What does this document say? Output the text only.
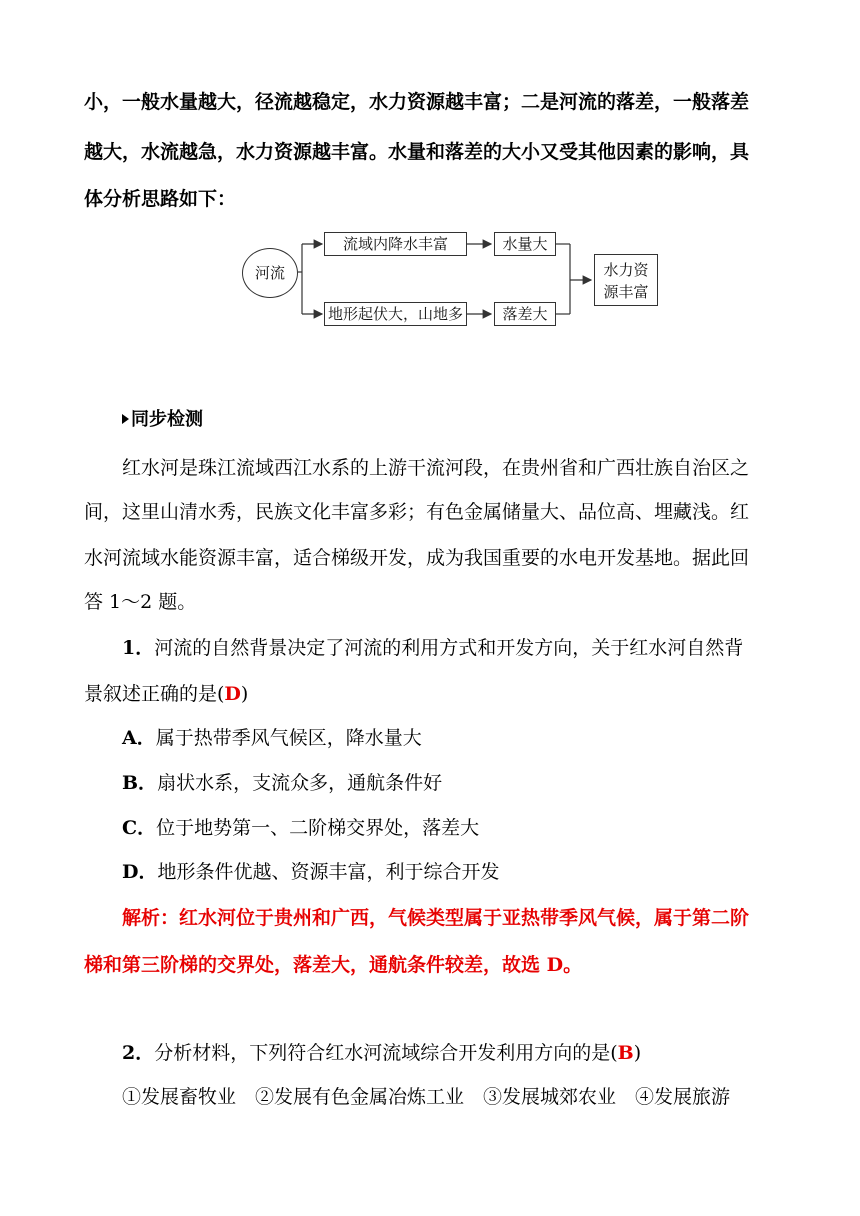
小，一般水量越大，径流越稳定，水力资源越丰富；二是河流的落差，一般落差
越大，水流越急，水力资源越丰富。水量和落差的大小又受其他因素的影响，具
体分析思路如下：
河流
流域内降水丰富	水量大
地形起伏大，山地多	落差大
水力资
源丰富
同步检测
红水河是珠江流域西江水系的上游干流河段，在贵州省和广西壮族自治区之
间，这里山清水秀，民族文化丰富多彩；有色金属储量大、品位高、埋藏浅。红
水河流域水能资源丰富，适合梯级开发，成为我国重要的水电开发基地。据此回
答 1～2 题。
1．河流的自然背景决定了河流的利用方式和开发方向，关于红水河自然背
景叙述正确的是(D)
A．属于热带季风气候区，降水量大
B．扇状水系，支流众多，通航条件好
C．位于地势第一、二阶梯交界处，落差大
D．地形条件优越、资源丰富，利于综合开发
解析：红水河位于贵州和广西，气候类型属于亚热带季风气候，属于第二阶
梯和第三阶梯的交界处，落差大，通航条件较差，故选 D。
2．分析材料，下列符合红水河流域综合开发利用方向的是(B)
①发展畜牧业　②发展有色金属冶炼工业　③发展城郊农业　④发展旅游
